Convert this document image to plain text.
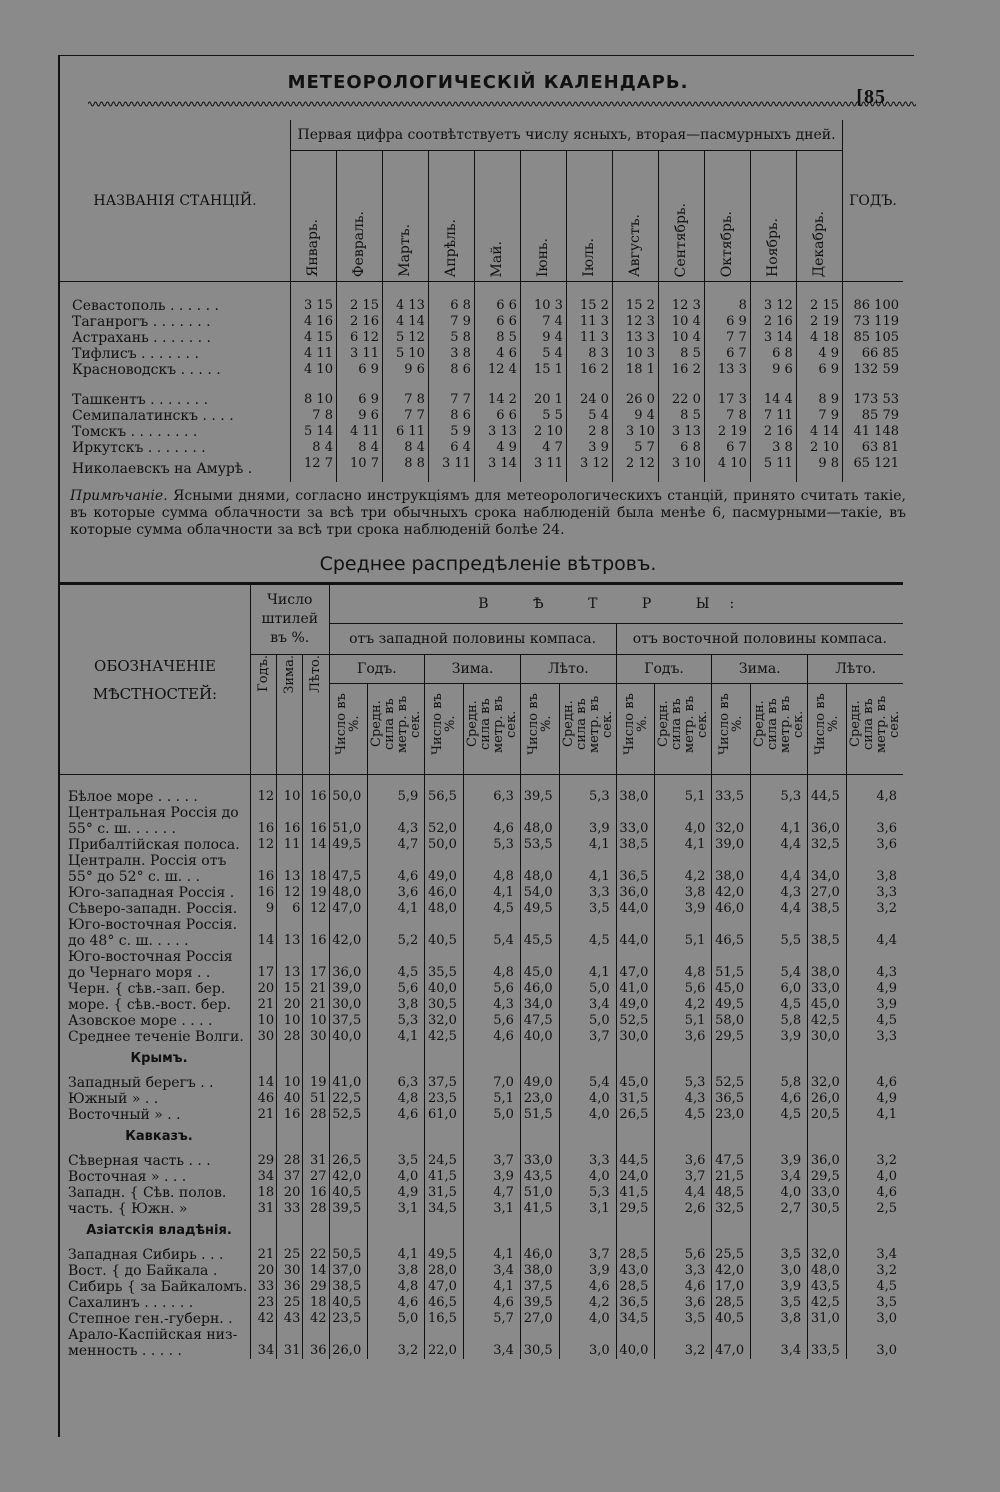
МЕТЕОРОЛОГИЧЕСКІЙ КАЛЕНДАРЬ.
[85
НАЗВАНІЯ СТАНЦІЙ.	Первая цифра соотвѣтствуетъ числу ясныхъ, вторая—пасмурныхъ дней.												ГОДЪ.
	Январь.	Февраль.	Мартъ.	Апрѣль.	Май.	Іюнь.	Іюль.	Августъ.	Сентябрь.	Октябрь.	Ноябрь.	Декабрь.	
Севастополь . . . . . .	3 15	2 15	4 13	6 8	6 6	10 3	15 2	15 2	12 3	8	3 12	2 15	86 100
Таганрогъ . . . . . . .	4 16	2 16	4 14	7 9	6 6	7 4	11 3	12 3	10 4	6 9	2 16	2 19	73 119
Астрахань . . . . . . .	4 15	6 12	5 12	5 8	8 5	9 4	11 3	13 3	10 4	7 7	3 14	4 18	85 105
Тифлисъ . . . . . . .	4 11	3 11	5 10	3 8	4 6	5 4	8 3	10 3	8 5	6 7	6 8	4 9	66 85
Красноводскъ . . . . .	4 10	6 9	9 6	8 6	12 4	15 1	16 2	18 1	16 2	13 3	9 6	6 9	132 59
Ташкентъ . . . . . . .	8 10	6 9	7 8	7 7	14 2	20 1	24 0	26 0	22 0	17 3	14 4	8 9	173 53
Семипалатинскъ . . . .	7 8	9 6	7 7	8 6	6 6	5 5	5 4	9 4	8 5	7 8	7 11	7 9	85 79
Томскъ . . . . . . . .	5 14	4 11	6 11	5 9	3 13	2 10	2 8	3 10	3 13	2 19	2 16	4 14	41 148
Иркутскъ . . . . . . .	8 4	8 4	8 4	6 4	4 9	4 7	3 9	5 7	6 8	6 7	3 8	2 10	63 81
Николаевскъ на Амурѣ .	12 7	10 7	8 8	3 11	3 14	3 11	3 12	2 12	3 10	4 10	5 11	9 8	65 121
Примѣчаніе. Ясными днями, согласно инструкціямъ для метеорологическихъ станцій, принято считать такіе, въ которые сумма облачности за всѣ три обычныхъ срока наблюденій была менѣе 6, пасмурными—такіе, въ которые сумма облачности за всѣ три срока наблюденій болѣе 24.
Среднее распредѣленіе вѣтровъ.
ОБОЗНАЧЕНІЕ МѢСТНОСТЕЙ:	Число штилей въ %.			В Ѣ Т Р Ы:											
				отъ западной половины компаса.						отъ восточной половины компаса.					
	Годъ.	Зима.	Лѣто.	Годъ.		Зима.		Лѣто.		Годъ.		Зима.		Лѣто.	
				Число въ %.	Средн. сила въ метр. въ сек.	Число въ %.	Средн. сила въ метр. въ сек.	Число въ %.	Средн. сила въ метр. въ сек.	Число въ %.	Средн. сила въ метр. въ сек.	Число въ %.	Средн. сила въ метр. въ сек.	Число въ %.	Средн. сила въ метр. въ сек.
Бѣлое море . . . . .	12	10	16	50,0	5,9	56,5	6,3	39,5	5,3	38,0	5,1	33,5	5,3	44,5	4,8
Центральная Россія до															
55° с. ш. . . . . .	16	16	16	51,0	4,3	52,0	4,6	48,0	3,9	33,0	4,0	32,0	4,1	36,0	3,6
Прибалтійская полоса.	12	11	14	49,5	4,7	50,0	5,3	53,5	4,1	38,5	4,1	39,0	4,4	32,5	3,6
Централн. Россія отъ															
55° до 52° с. ш. . .	16	13	18	47,5	4,6	49,0	4,8	48,0	4,1	36,5	4,2	38,0	4,4	34,0	3,8
Юго-западная Россія .	16	12	19	48,0	3,6	46,0	4,1	54,0	3,3	36,0	3,8	42,0	4,3	27,0	3,3
Сѣверо-западн. Россія.	9	6	12	47,0	4,1	48,0	4,5	49,5	3,5	44,0	3,9	46,0	4,4	38,5	3,2
Юго-восточная Россія.															
до 48° с. ш. . . . .	14	13	16	42,0	5,2	40,5	5,4	45,5	4,5	44,0	5,1	46,5	5,5	38,5	4,4
Юго-восточная Россія															
до Чернаго моря . .	17	13	17	36,0	4,5	35,5	4,8	45,0	4,1	47,0	4,8	51,5	5,4	38,0	4,3
Черн. { сѣв.-зап. бер.	20	15	21	39,0	5,6	40,0	5,6	46,0	5,0	41,0	5,6	45,0	6,0	33,0	4,9
море. { сѣв.-вост. бер.	21	20	21	30,0	3,8	30,5	4,3	34,0	3,4	49,0	4,2	49,5	4,5	45,0	3,9
Азовское море . . . .	10	10	10	37,5	5,3	32,0	5,6	47,5	5,0	52,5	5,1	58,0	5,8	42,5	4,5
Среднее теченіе Волги.	30	28	30	40,0	4,1	42,5	4,6	40,0	3,7	30,0	3,6	29,5	3,9	30,0	3,3
Крымъ.															
Западный берегъ . .	14	10	19	41,0	6,3	37,5	7,0	49,0	5,4	45,0	5,3	52,5	5,8	32,0	4,6
Южный » . .	46	40	51	22,5	4,8	23,5	5,1	23,0	4,0	31,5	4,3	36,5	4,6	26,0	4,9
Восточный » . .	21	16	28	52,5	4,6	61,0	5,0	51,5	4,0	26,5	4,5	23,0	4,5	20,5	4,1
Кавказъ.															
Сѣверная часть . . .	29	28	31	26,5	3,5	24,5	3,7	33,0	3,3	44,5	3,6	47,5	3,9	36,0	3,2
Восточная » . . .	34	37	27	42,0	4,0	41,5	3,9	43,5	4,0	24,0	3,7	21,5	3,4	29,5	4,0
Западн. { Сѣв. полов.	18	20	16	40,5	4,9	31,5	4,7	51,0	5,3	41,5	4,4	48,5	4,0	33,0	4,6
часть. { Южн. »	31	33	28	39,5	3,1	34,5	3,1	41,5	3,1	29,5	2,6	32,5	2,7	30,5	2,5
Азіатскія владѣнія.															
Западная Сибирь . . .	21	25	22	50,5	4,1	49,5	4,1	46,0	3,7	28,5	5,6	25,5	3,5	32,0	3,4
Вост. { до Байкала .	20	30	14	37,0	3,8	28,0	3,4	38,0	3,9	43,0	3,3	42,0	3,0	48,0	3,2
Сибирь { за Байкаломъ.	33	36	29	38,5	4,8	47,0	4,1	37,5	4,6	28,5	4,6	17,0	3,9	43,5	4,5
Сахалинъ . . . . . .	23	25	18	40,5	4,6	46,5	4,6	39,5	4,2	36,5	3,6	28,5	3,5	42,5	3,5
Степное ген.-губерн. .	42	43	42	23,5	5,0	16,5	5,7	27,0	4,0	34,5	3,5	40,5	3,8	31,0	3,0
Арало-Каспійская низ-															
менность . . . . .	34	31	36	26,0	3,2	22,0	3,4	30,5	3,0	40,0	3,2	47,0	3,4	33,5	3,0
